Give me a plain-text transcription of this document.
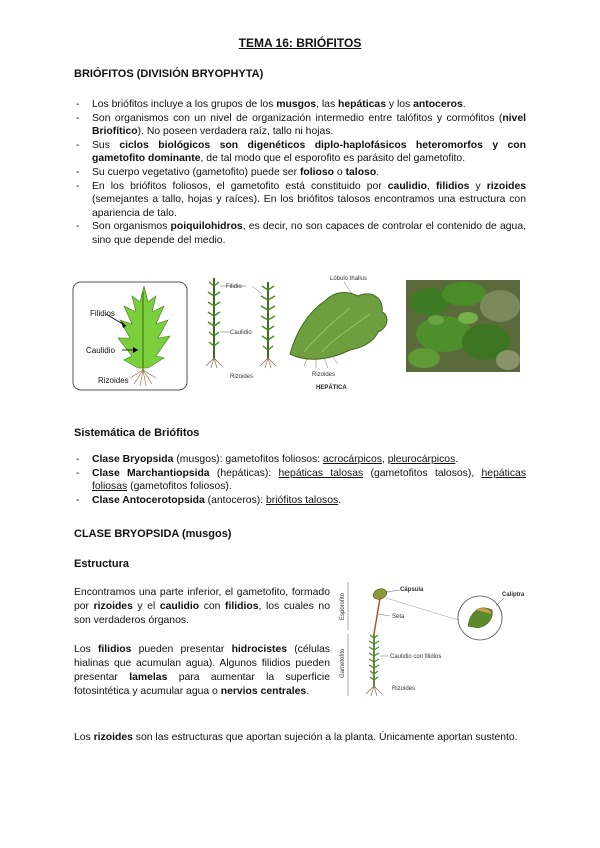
TEMA 16: BRIÓFITOS
BRIÓFITOS (DIVISIÓN BRYOPHYTA)
- Los briófitos incluye a los grupos de los musgos, las hepáticas y los antoceros.
- Son organismos con un nivel de organización intermedio entre talófitos y cormófitos (nivel Briofítico). No poseen verdadera raíz, tallo ni hojas.
- Sus ciclos biológicos son digenéticos diplo-haplofásicos heteromorfos y con gametofito dominante, de tal modo que el esporofito es parásito del gametofito.
- Su cuerpo vegetativo (gametofito) puede ser folioso o taloso.
- En los briófitos foliosos, el gametofito está constituido por caulidio, filidios y rizoides (semejantes a tallo, hojas y raíces). En los briófitos talosos encontramos una estructura con apariencia de talo.
- Son organismos poiquilohidros, es decir, no son capaces de controlar el contenido de agua, sino que depende del medio.
Filidios
Caulidio
Rizoides
Filidio
Caulidio
Rizoides
Lóbulo thallus
Rizoides
HEPÁTICA
Sistemática de Briófitos
- Clase Bryopsida (musgos): gametofitos foliosos: acrocárpicos, pleurocárpicos.
- Clase Marchantiopsida (hepáticas): hepáticas talosas (gametofitos talosos), hepáticas foliosas (gametofitos foliosos).
- Clase Antocerotopsida (antoceros): briófitos talosos.
CLASE BRYOPSIDA (musgos)
Estructura
Encontramos una parte inferior, el gametofito, formado por rizoides y el caulidio con filidios, los cuales no son verdaderos órganos.
Los filidios pueden presentar hidrocistes (células hialinas que acumulan agua). Algunos filidios pueden presentar lamelas para aumentar la superficie fotosintética y acumular agua o nervios centrales.
Esporofito
Gametofito
Cápsula
Seta
Caulidio con filidios
Rizoides
Caliptra
Los rizoides son las estructuras que aportan sujeción a la planta. Únicamente aportan sustento.
